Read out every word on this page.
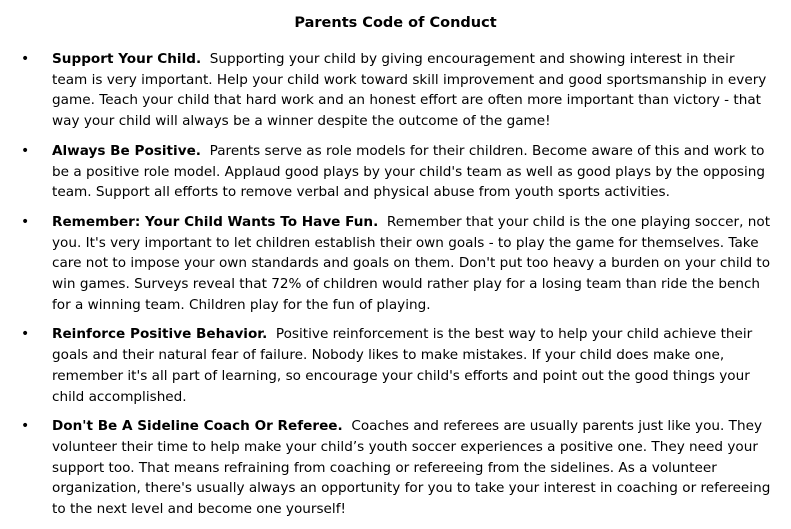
Parents Code of Conduct
• Support Your Child. Supporting your child by giving encouragement and showing interest in their team is very important. Help your child work toward skill improvement and good sportsmanship in every game. Teach your child that hard work and an honest effort are often more important than victory - that way your child will always be a winner despite the outcome of the game!
• Always Be Positive. Parents serve as role models for their children. Become aware of this and work to be a positive role model. Applaud good plays by your child's team as well as good plays by the opposing team. Support all efforts to remove verbal and physical abuse from youth sports activities.
• Remember: Your Child Wants To Have Fun. Remember that your child is the one playing soccer, not you. It's very important to let children establish their own goals - to play the game for themselves. Take care not to impose your own standards and goals on them. Don't put too heavy a burden on your child to win games. Surveys reveal that 72% of children would rather play for a losing team than ride the bench for a winning team. Children play for the fun of playing.
• Reinforce Positive Behavior. Positive reinforcement is the best way to help your child achieve their goals and their natural fear of failure. Nobody likes to make mistakes. If your child does make one, remember it's all part of learning, so encourage your child's efforts and point out the good things your child accomplished.
• Don't Be A Sideline Coach Or Referee. Coaches and referees are usually parents just like you. They volunteer their time to help make your child’s youth soccer experiences a positive one. They need your support too. That means refraining from coaching or refereeing from the sidelines. As a volunteer organization, there's usually always an opportunity for you to take your interest in coaching or refereeing to the next level and become one yourself!
